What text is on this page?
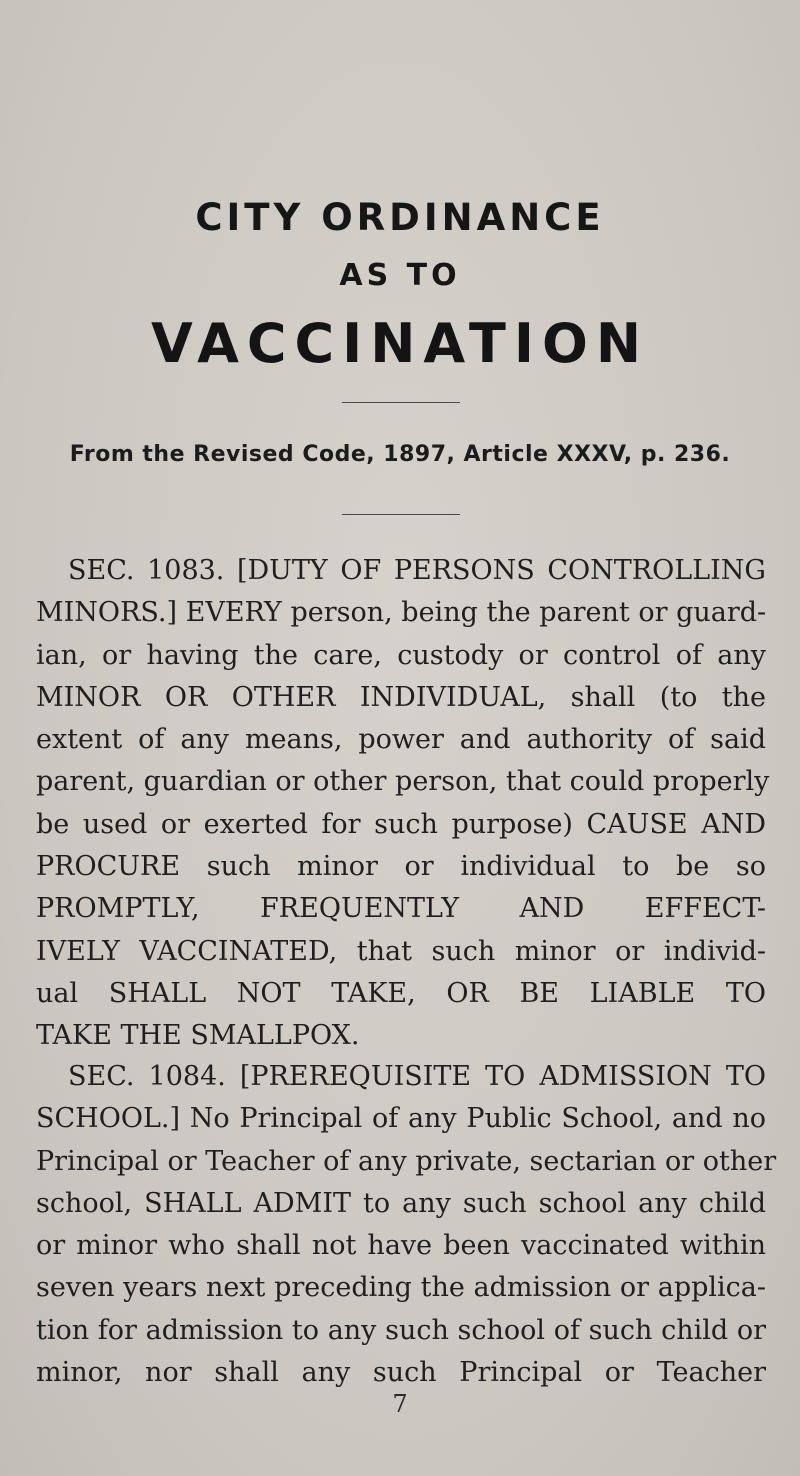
CITY ORDINANCE
AS TO
VACCINATION
From the Revised Code, 1897, Article XXXV, p. 236.
SEC. 1083. [DUTY OF PERSONS CONTROLLING
MINORS.] EVERY person, being the parent or guard-
ian, or having the care, custody or control of any
MINOR OR OTHER INDIVIDUAL, shall (to the
extent of any means, power and authority of said
parent, guardian or other person, that could properly
be used or exerted for such purpose) CAUSE AND
PROCURE such minor or individual to be so
PROMPTLY, FREQUENTLY AND EFFECT-
IVELY VACCINATED, that such minor or individ-
ual SHALL NOT TAKE, OR BE LIABLE TO
TAKE THE SMALLPOX.
SEC. 1084. [PREREQUISITE TO ADMISSION TO
SCHOOL.] No Principal of any Public School, and no
Principal or Teacher of any private, sectarian or other
school, SHALL ADMIT to any such school any child
or minor who shall not have been vaccinated within
seven years next preceding the admission or applica-
tion for admission to any such school of such child or
minor, nor shall any such Principal or Teacher
7
